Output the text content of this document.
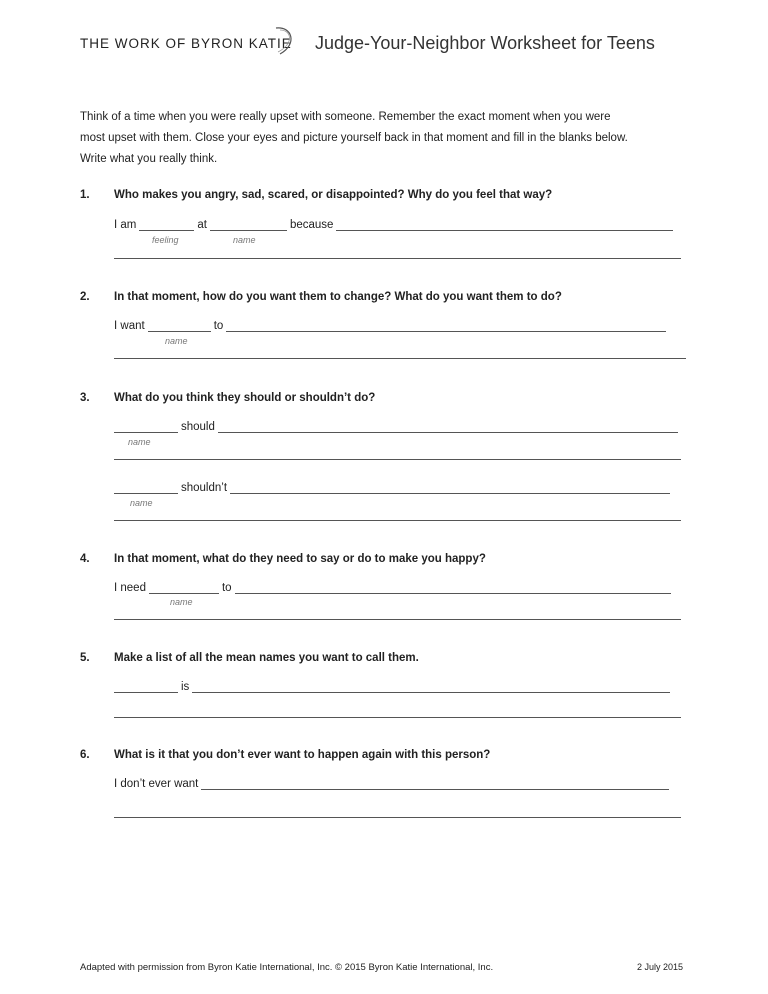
THE WORK OF BYRON KATIE Judge-Your-Neighbor Worksheet for Teens
Think of a time when you were really upset with someone. Remember the exact moment when you were
most upset with them. Close your eyes and picture yourself back in that moment and fill in the blanks below.
Write what you really think.
1. Who makes you angry, sad, scared, or disappointed? Why do you feel that way?
I am	at	because
feeling	name
2. In that moment, how do you want them to change? What do you want them to do?
I want	to
name
3. What do you think they should or shouldn’t do?
should
name
shouldn’t
name
4. In that moment, what do they need to say or do to make you happy?
I need	to
name
5. Make a list of all the mean names you want to call them.
is
6. What is it that you don’t ever want to happen again with this person?
I don’t ever want
Adapted with permission from Byron Katie International, Inc. © 2015 Byron Katie International, Inc.	2 July 2015
